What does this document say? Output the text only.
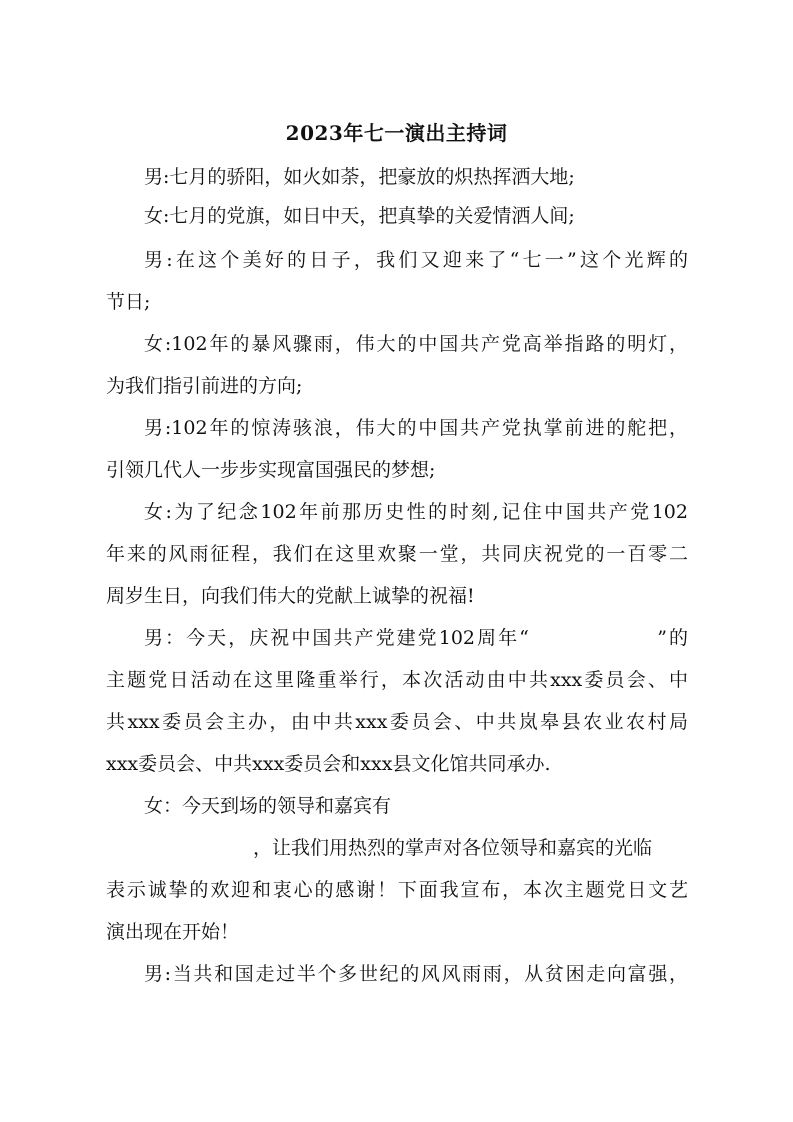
2023年七一演出主持词
男:七月的骄阳，如火如荼，把豪放的炽热挥洒大地;
女:七月的党旗，如日中天，把真挚的关爱情洒人间;
男:在这个美好的日子，我们又迎来了“七一”这个光辉的
节日;
女:102年的暴风骤雨，伟大的中国共产党高举指路的明灯，
为我们指引前进的方向;
男:102年的惊涛骇浪，伟大的中国共产党执掌前进的舵把，
引领几代人一步步实现富国强民的梦想;
女:为了纪念102年前那历史性的时刻,记住中国共产党102
年来的风雨征程，我们在这里欢聚一堂，共同庆祝党的一百零二
周岁生日，向我们伟大的党献上诚挚的祝福!
男：今天，庆祝中国共产党建党102周年“　　　　　　”的
主题党日活动在这里隆重举行，本次活动由中共xxx委员会、中
共xxx委员会主办，由中共xxx委员会、中共岚皋县农业农村局
xxx委员会、中共xxx委员会和xxx县文化馆共同承办.
女：今天到场的领导和嘉宾有
，让我们用热烈的掌声对各位领导和嘉宾的光临
表示诚挚的欢迎和衷心的感谢！下面我宣布，本次主题党日文艺
演出现在开始！
男:当共和国走过半个多世纪的风风雨雨，从贫困走向富强，
